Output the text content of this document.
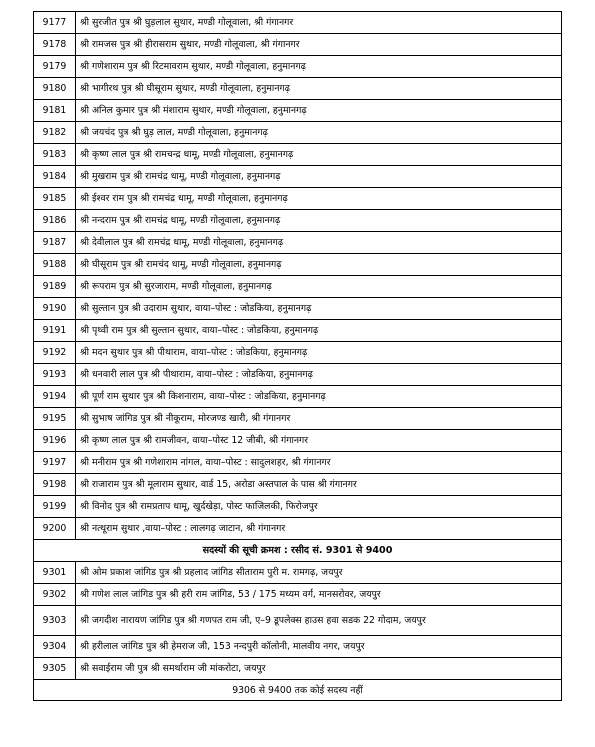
9177	श्री सुरजीत पुत्र श्री घुड़लाल सुथार, मण्डी गोलूवाला, श्री गंगानगर
9178	श्री रामजस पुत्र श्री हीरासराम सुथार, मण्डी गोलूवाला, श्री गंगानगर
9179	श्री गणेशाराम पुत्र श्री रिटमावराम सुथार, मण्डी गोलूवाला, हनुमानगढ़
9180	श्री भागीरथ पुत्र श्री घीसूराम सुथार, मण्डी गोलूवाला, हनुमानगढ़
9181	श्री अनिल कुमार पुत्र श्री मंशाराम सुथार, मण्डी गोलूवाला, हनुमानगढ़
9182	श्री जयचंद पुत्र श्री घुड़ लाल, मण्डी गोलूवाला, हनुमानगढ़
9183	श्री कृष्ण लाल पुत्र श्री रामचन्द्र धामू, मण्डी गोलूवाला, हनुमानगढ़
9184	श्री मुखराम पुत्र श्री रामचंद्र धामू, मण्डी गोलूवाला, हनुमानगढ़
9185	श्री ईश्वर राम पुत्र श्री रामचंद्र धामू, मण्डी गोलूवाला, हनुमानगढ़
9186	श्री नन्दराम पुत्र श्री रामचंद्र धामू, मण्डी गोलूवाला, हनुमानगढ़
9187	श्री देवीलाल पुत्र श्री रामचंद्र धामू, मण्डी गोलूवाला, हनुमानगढ़
9188	श्री घीसूराम पुत्र श्री रामचंद धामू, मण्डी गोलूवाला, हनुमानगढ़
9189	श्री रूपराम पुत्र श्री सुरजाराम, मण्डी गोलूवाला, हनुमानगढ़
9190	श्री सुल्तान पुत्र श्री उदाराम सुथार, वाया–पोस्ट : जोडकिया, हनुमानगढ़
9191	श्री पृथ्वी राम पुत्र श्री सुल्तान सुथार, वाया–पोस्ट : जोडकिया, हनुमानगढ़
9192	श्री मदन सुथार पुत्र श्री पीथाराम, वाया–पोस्ट : जोडकिया, हनुमानगढ़
9193	श्री धनवारी लाल पुत्र श्री पीथाराम, वाया–पोस्ट : जोडकिया, हनुमानगढ़
9194	श्री पूर्ण राम सुथार पुत्र श्री किशनाराम, वाया–पोस्ट : जोडकिया, हनुमानगढ़
9195	श्री सुभाष जांगिड पुत्र श्री नीकूराम, मोरजण्ड खारी, श्री गंगानगर
9196	श्री कृष्ण लाल पुत्र श्री रामजीवन, वाया–पोस्ट 12 जीबी, श्री गंगानगर
9197	श्री मनीराम पुत्र श्री गणेशाराम नांगल, वाया–पोस्ट : सादुलशहर, श्री गंगानगर
9198	श्री राजाराम पुत्र श्री मूलाराम सुथार, वार्ड 15, अरोडा अस्तपाल के पास श्री गंगानगर
9199	श्री विनोद पुत्र श्री रामप्रताप धामू, खुर्दखेड़ा, पोस्ट फाजिलकी, फिरोजपुर
9200	श्री नत्थूराम सुथार ,वाया–पोस्ट : लालगढ़ जाटान, श्री गंगानगर
सदस्यों की सूची क्रमश : रसीद सं. 9301 से 9400	
9301	श्री ओम प्रकाश जांगिड पुत्र श्री प्रहलाद जांगिड सीताराम पुरी म. रामगढ़, जयपुर
9302	श्री गणेश लाल जांगिड पुत्र श्री हरी राम जांगिड, 53 / 175 मध्यम वर्ग, मानसरोवर, जयपुर
9303	श्री जगदीश नारायण जांगिड पुत्र श्री गणपत राम जी, ए–9 डूपलेक्स हाउस हवा सडक 22 गोदाम, जयपुर
9304	श्री हरीलाल जांगिड पुत्र श्री हेमराज जी, 153 नन्दपुरी कॉलोनी, मालवीय नगर, जयपुर
9305	श्री सवाईराम जी पुत्र श्री समर्थाराम जी मांकरोटा, जयपुर
9306 से 9400 तक कोई सदस्य नहीं	
